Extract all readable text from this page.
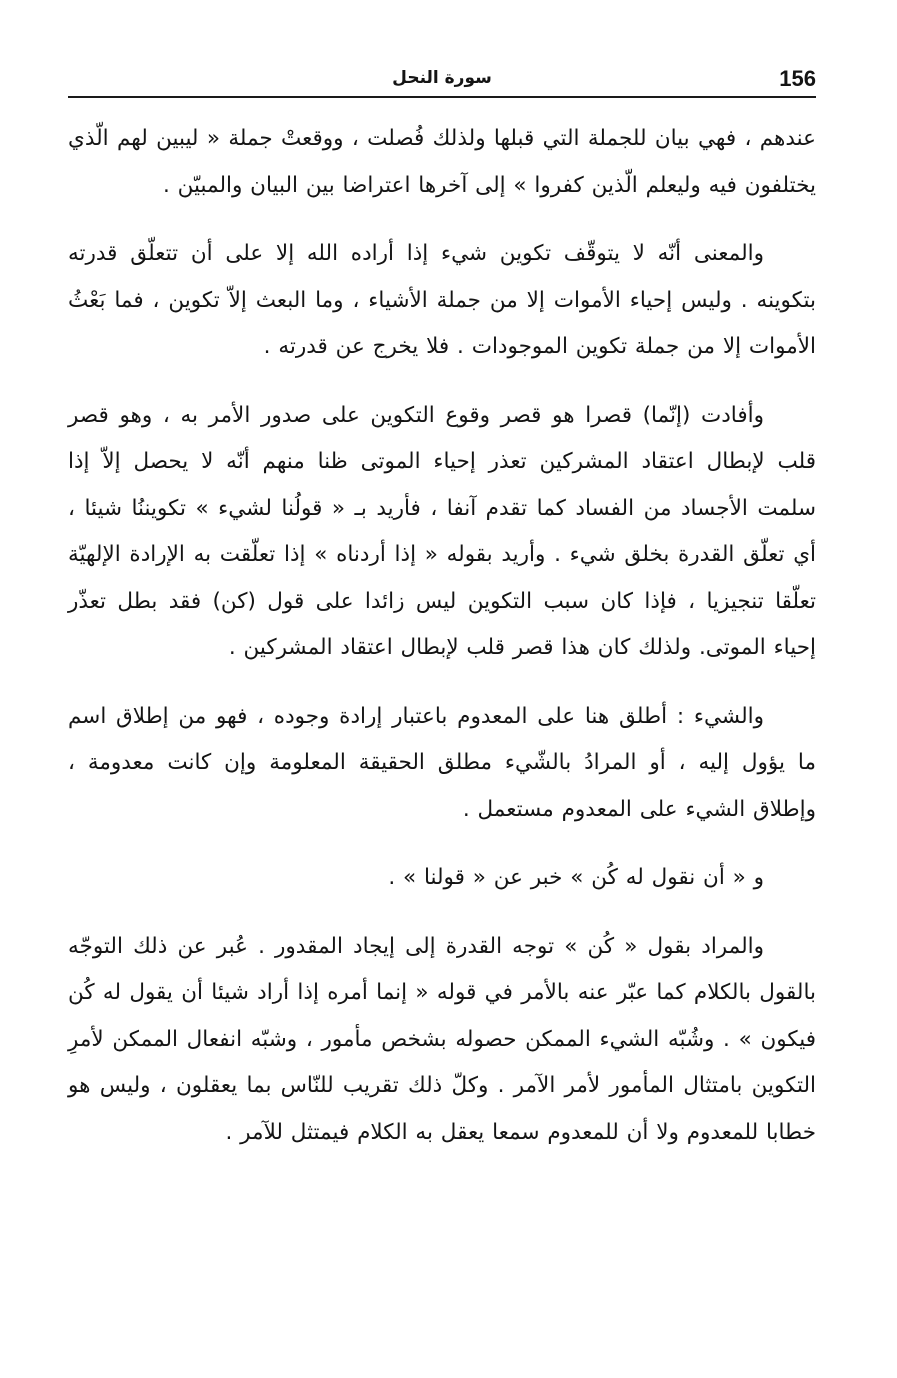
156
سورة النحل

عندهم ، فهي بيان للجملة التي قبلها ولذلك فُصلت ، ووقعتْ جملة « ليبين لهم الّذي يختلفون فيه وليعلم الّذين كفروا » إلى آخرها اعتراضا بين البيان والمبيّن .

والمعنى أنّه لا يتوقّف تكوين شيء إذا أراده الله إلا على أن تتعلّق قدرته بتكوينه . وليس إحياء الأموات إلا من جملة الأشياء ، وما البعث إلاّ تكوين ، فما بَعْثُ الأموات إلا من جملة تكوين الموجودات . فلا يخرج عن قدرته .

وأفادت (إنّما) قصرا هو قصر وقوع التكوين على صدور الأمر به ، وهو قصر قلب لإبطال اعتقاد المشركين تعذر إحياء الموتى ظنا منهم أنّه لا يحصل إلاّ إذا سلمت الأجساد من الفساد كما تقدم آنفا ، فأريد بـ « قولُنا لشيء » تكويننُا شيئا ، أي تعلّق القدرة بخلق شيء . وأريد بقوله « إذا أردناه » إذا تعلّقت به الإرادة الإلهيّة تعلّقا تنجيزيا ، فإذا كان سبب التكوين ليس زائدا على قول (كن) فقد بطل تعذّر إحياء الموتى. ولذلك كان هذا قصر قلب لإبطال اعتقاد المشركين .

والشيء : أطلق هنا على المعدوم باعتبار إرادة وجوده ، فهو من إطلاق اسم ما يؤول إليه ، أو المرادُ بالشّيء مطلق الحقيقة المعلومة وإن كانت معدومة ، وإطلاق الشيء على المعدوم مستعمل .

و « أن نقول له كُن » خبر عن « قولنا » .

والمراد بقول « كُن » توجه القدرة إلى إيجاد المقدور . عُبر عن ذلك التوجّه بالقول بالكلام كما عبّر عنه بالأمر في قوله « إنما أمره إذا أراد شيئا أن يقول له كُن فيكون » . وشُبّه الشيء الممكن حصوله بشخص مأمور ، وشبّه انفعال الممكن لأمرِ التكوين بامتثال المأمور لأمر الآمر . وكلّ ذلك تقريب للنّاس بما يعقلون ، وليس هو خطابا للمعدوم ولا أن للمعدوم سمعا يعقل به الكلام فيمتثل للآمر .
